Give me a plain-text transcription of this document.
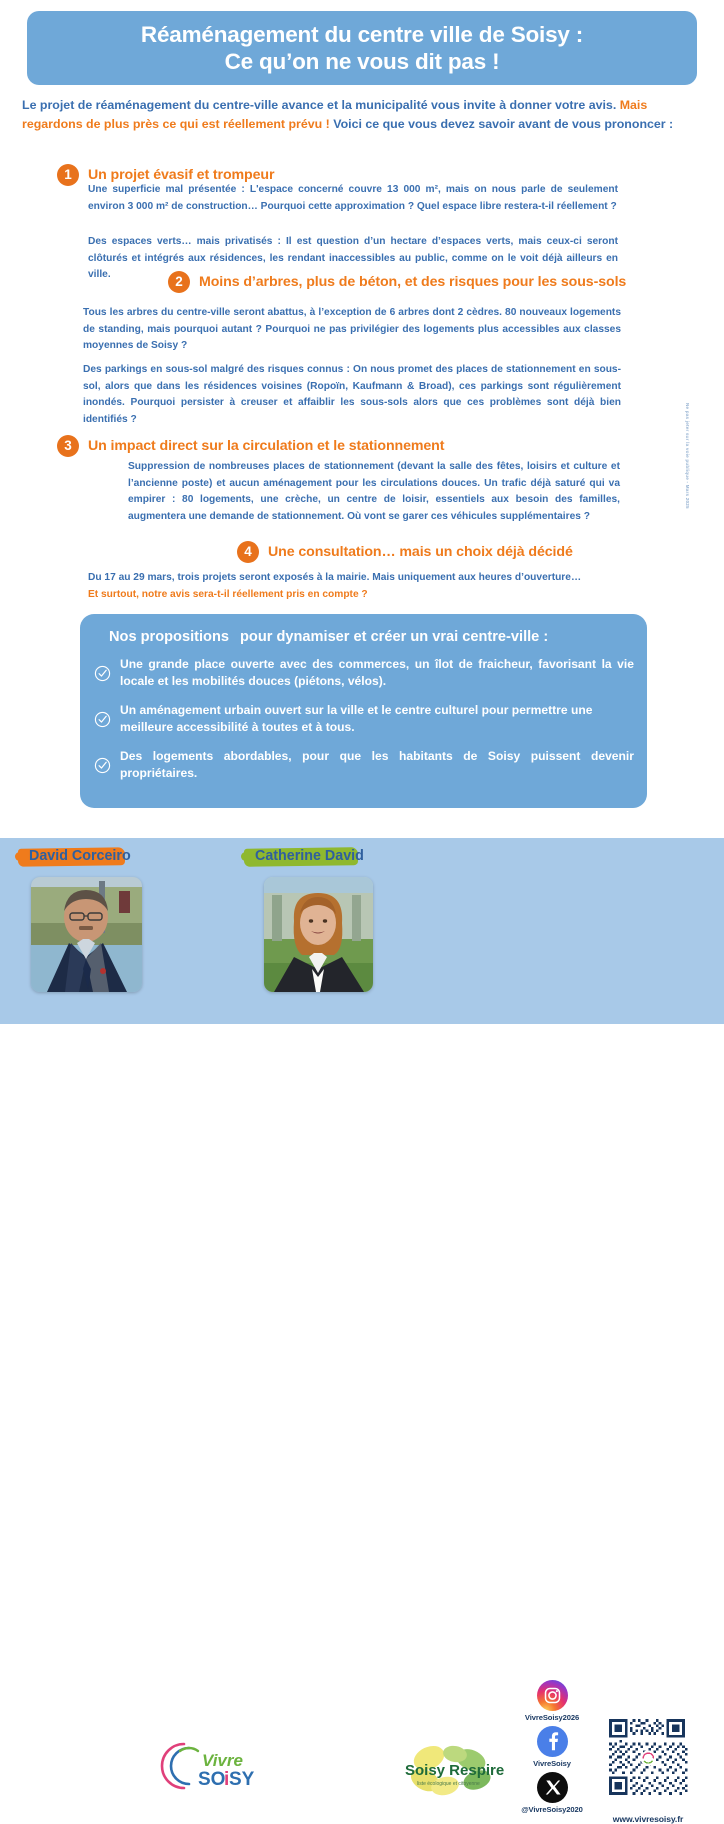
Réaménagement du centre ville de Soisy :
Ce qu’on ne vous dit pas !
Le projet de réaménagement du centre-ville avance et la municipalité vous invite à donner votre avis. Mais regardons de plus près ce qui est réellement prévu ! Voici ce que vous devez savoir avant de vous prononcer :
1	Un projet évasif et trompeur
Une superficie mal présentée : L'espace concerné couvre 13 000 m², mais on nous parle de seulement environ 3 000 m² de construction… Pourquoi cette approximation ? Quel espace libre restera-t-il réellement ?
Des espaces verts… mais privatisés : Il est question d’un hectare d’espaces verts, mais ceux-ci seront clôturés et intégrés aux résidences, les rendant inaccessibles au public, comme on le voit déjà ailleurs en ville.	2	Moins d’arbres, plus de béton, et des risques pour les sous-sols
Tous les arbres du centre-ville seront abattus, à l’exception de 6 arbres dont 2 cèdres. 80 nouveaux logements de standing, mais pourquoi autant ? Pourquoi ne pas privilégier des logements plus accessibles aux classes moyennes de Soisy ?
Des parkings en sous-sol malgré des risques connus : On nous promet des places de stationnement en sous-sol, alors que dans les résidences voisines (Ropoïn, Kaufmann & Broad), ces parkings sont régulièrement inondés. Pourquoi persister à creuser et affaiblir les sous-sols alors que ces problèmes sont déjà bien identifiés ?
3	Un impact direct sur la circulation et le stationnement
Suppression de nombreuses places de stationnement (devant la salle des fêtes, loisirs et culture et l’ancienne poste) et aucun aménagement pour les circulations douces. Un trafic déjà saturé qui va empirer : 80 logements, une crèche, un centre de loisir, essentiels aux besoin des familles, augmentera une demande de stationnement. Où vont se garer ces véhicules supplémentaires ?
4	Une consultation… mais un choix déjà décidé
Du 17 au 29 mars, trois projets seront exposés à la mairie. Mais uniquement aux heures d’ouverture…
Et surtout, notre avis sera-t-il réellement pris en compte ?
Nos propositions pour dynamiser et créer un vrai centre-ville :
Une grande place ouverte avec des commerces, un îlot de fraicheur, favorisant la vie locale et les mobilités douces (piétons, vélos).
Un aménagement urbain ouvert sur la ville et le centre culturel pour permettre une meilleure accessibilité à toutes et à tous.
Des logements abordables, pour que les habitants de Soisy puissent devenir propriétaires.
Ne pas jeter sur la voie publique - Mars 2025
David Corceiro	Catherine David
Vivre
SO
i SY	Soisy Respire
liste écologique et citoyenne
VivreSoisy2026
VivreSoisy
@VivreSoisy2020
www.vivresoisy.fr
